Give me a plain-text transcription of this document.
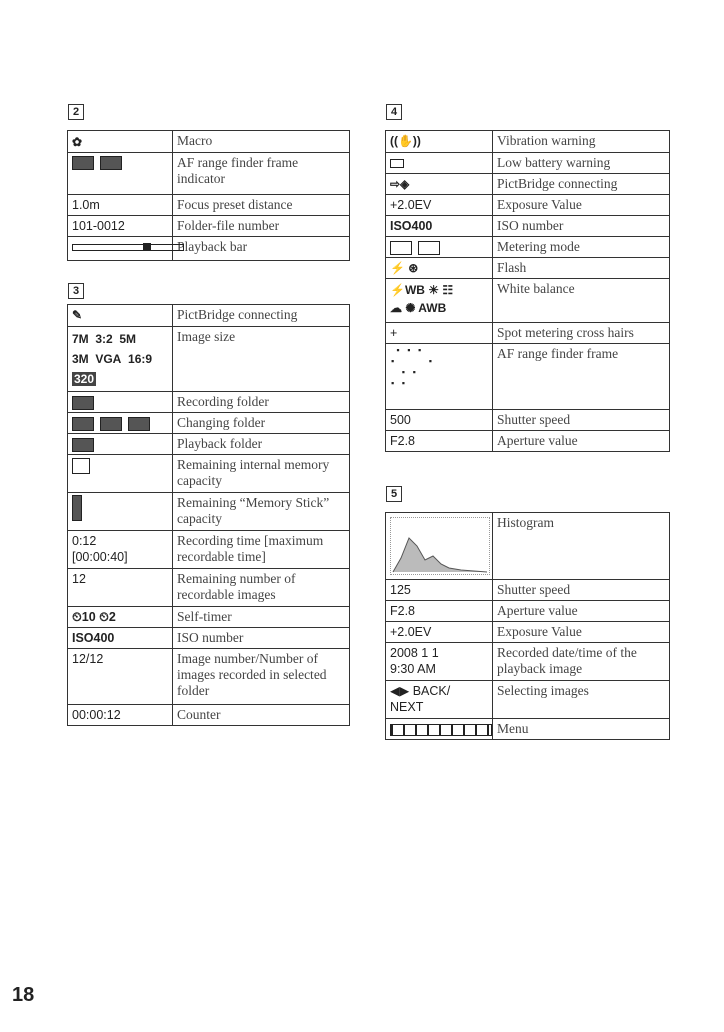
2
✿	Macro
	AF range finder frame indicator
1.0m	Focus preset distance
101-0012	Folder-file number

	Playback bar
3
✎	PictBridge connecting
7M 3:2 5M
3M VGA 16:9
320	Image size
	Recording folder
	Changing folder
	Playback folder
	Remaining internal memory capacity
	Remaining “Memory Stick” capacity
0:12
[00:00:40]	Recording time [maximum recordable time]
12	Remaining number of recordable images
⏲10 ⏲2	Self-timer
ISO400	ISO number
12/12	Image number/Number of images recorded in selected folder
00:00:12	Counter
4
((✋))	Vibration warning
	Low battery warning
⇨◈	PictBridge connecting
+2.0EV	Exposure Value
ISO400	ISO number
	Metering mode
⚡ ⊛	Flash
⚡WB ☀ ☷
☁ ✺ AWB	White balance
+	Spot metering cross hairs
▪ ▪ ▪
▪      ▪
▪ ▪
▪ ▪	AF range finder frame
500	Shutter speed
F2.8	Aperture value
5
	Histogram
125	Shutter speed
F2.8	Aperture value
+2.0EV	Exposure Value
2008 1 1
9:30 AM	Recorded date/time of the playback image
◀▶ BACK/
NEXT	Selecting images
	Menu
18
